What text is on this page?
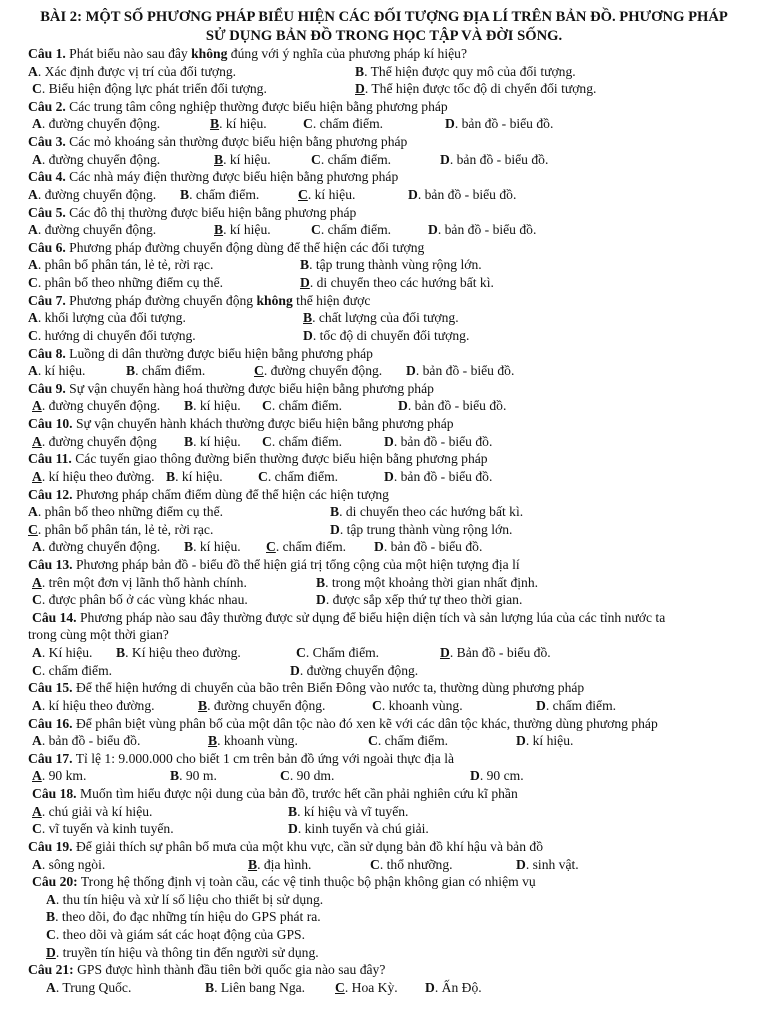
BÀI 2: MỘT SỐ PHƯƠNG PHÁP BIỂU HIỆN CÁC ĐỐI TƯỢNG ĐỊA LÍ TRÊN BẢN ĐỒ. PHƯƠNG PHÁP
SỬ DỤNG BẢN ĐỒ TRONG HỌC TẬP VÀ ĐỜI SỐNG.
Câu 1. Phát biểu nào sau đây không đúng với ý nghĩa của phương pháp kí hiệu?
A. Xác định được vị trí của đối tượng.	B. Thể hiện được quy mô của đối tượng.
C. Biểu hiện động lực phát triển đối tượng.	D. Thể hiện được tốc độ di chyển đối tượng.
Câu 2. Các trung tâm công nghiệp thường được biểu hiện bằng phương pháp
A. đường chuyển động.	B. kí hiệu.	C. chấm điểm.	D. bản đồ - biểu đồ.
Câu 3. Các mỏ khoáng sản thường được biểu hiện bằng phương pháp
A. đường chuyển động.	B. kí hiệu.	C. chấm điểm.	D. bản đồ - biểu đồ.
Câu 4. Các nhà máy điện thường được biểu hiện bằng phương pháp
A. đường chuyển động. B. chấm điểm.	C. kí hiệu.	D. bản đồ - biểu đồ.
Câu 5. Các đô thị thường được biểu hiện bằng phương pháp
A. đường chuyển động.	B. kí hiệu.	C. chấm điểm.	D. bản đồ - biểu đồ.
Câu 6. Phương pháp đường chuyển động dùng để thể hiện các đối tượng
A. phân bố phân tán, lẻ tẻ, rời rạc.	B. tập trung thành vùng rộng lớn.
C. phân bố theo những điểm cụ thể.	D. di chuyển theo các hướng bất kì.
Câu 7. Phương pháp đường chuyển động không thể hiện được
A. khối lượng của đối tượng.	B. chất lượng của đối tượng.
C. hướng di chuyển đối tượng.	D. tốc độ di chuyển đối tượng.
Câu 8. Luồng di dân thường được biểu hiện bằng phương pháp
A. kí hiệu.	B. chấm điểm.	C. đường chuyển động. D. bản đồ - biểu đồ.
Câu 9. Sự vận chuyển hàng hoá thường được biểu hiện bằng phương pháp
A. đường chuyển động. B. kí hiệu. C. chấm điểm.	D. bản đồ - biểu đồ.
Câu 10. Sự vận chuyển hành khách thường được biểu hiện bằng phương pháp
A. đường chuyển động B. kí hiệu. C. chấm điểm.	D. bản đồ - biểu đồ.
Câu 11. Các tuyến giao thông đường biển thường được biểu hiện bằng phương pháp
A. kí hiệu theo đường. B. kí hiệu.	C. chấm điểm.	D. bản đồ - biểu đồ.
Câu 12. Phương pháp chấm điểm dùng để thể hiện các hiện tượng
A. phân bố theo những điểm cụ thể.	B. di chuyển theo các hướng bất kì.
C. phân bố phân tán, lẻ tẻ, rời rạc.	D. tập trung thành vùng rộng lớn.
A. đường chuyển động. B. kí hiệu. C. chấm điểm. D. bản đồ - biểu đồ.
Câu 13. Phương pháp bản đồ - biểu đồ thể hiện giá trị tổng cộng của một hiện tượng địa lí
A. trên một đơn vị lãnh thổ hành chính.	B. trong một khoảng thời gian nhất định.
C. được phân bố ở các vùng khác nhau.	D. được sắp xếp thứ tự theo thời gian.
Câu 14. Phương pháp nào sau đây thường được sử dụng để biểu hiện diện tích và sản lượng lúa của các tỉnh nước ta
trong cùng một thời gian?
A. Kí hiệu. B. Kí hiệu theo đường.	C. Chấm điểm.	D. Bản đồ - biểu đồ.
C. chấm điểm.	D. đường chuyển động.
Câu 15. Để thể hiện hướng di chuyển của bão trên Biển Đông vào nước ta, thường dùng phương pháp
A. kí hiệu theo đường.	B. đường chuyển động.	C. khoanh vùng.	D. chấm điểm.
Câu 16. Để phân biệt vùng phân bố của một dân tộc nào đó xen kẽ với các dân tộc khác, thường dùng phương pháp
A. bản đồ - biểu đồ.	B. khoanh vùng.	C. chấm điểm.	D. kí hiệu.
Câu 17. Tỉ lệ 1: 9.000.000 cho biết 1 cm trên bản đồ ứng với ngoài thực địa là
A. 90 km.	B. 90 m.	C. 90 dm.	D. 90 cm.
Câu 18. Muốn tìm hiểu được nội dung của bản đồ, trước hết cần phải nghiên cứu kĩ phần
A. chú giải và kí hiệu.	B. kí hiệu và vĩ tuyến.
C. vĩ tuyến và kinh tuyến.	D. kinh tuyến và chú giải.
Câu 19. Để giải thích sự phân bố mưa của một khu vực, cần sử dụng bản đồ khí hậu và bản đồ
A. sông ngòi.	B. địa hình.	C. thổ nhưỡng.	D. sinh vật.
Câu 20: Trong hệ thống định vị toàn cầu, các vệ tinh thuộc bộ phận không gian có nhiệm vụ
A. thu tín hiệu và xử lí số liệu cho thiết bị sử dụng.
B. theo dõi, đo đạc những tín hiệu do GPS phát ra.
C. theo dõi và giám sát các hoạt động của GPS.
D. truyền tín hiệu và thông tin đến người sử dụng.
Câu 21: GPS được hình thành đầu tiên bởi quốc gia nào sau đây?
A. Trung Quốc.	B. Liên bang Nga. C. Hoa Kỳ. D. Ấn Độ.
